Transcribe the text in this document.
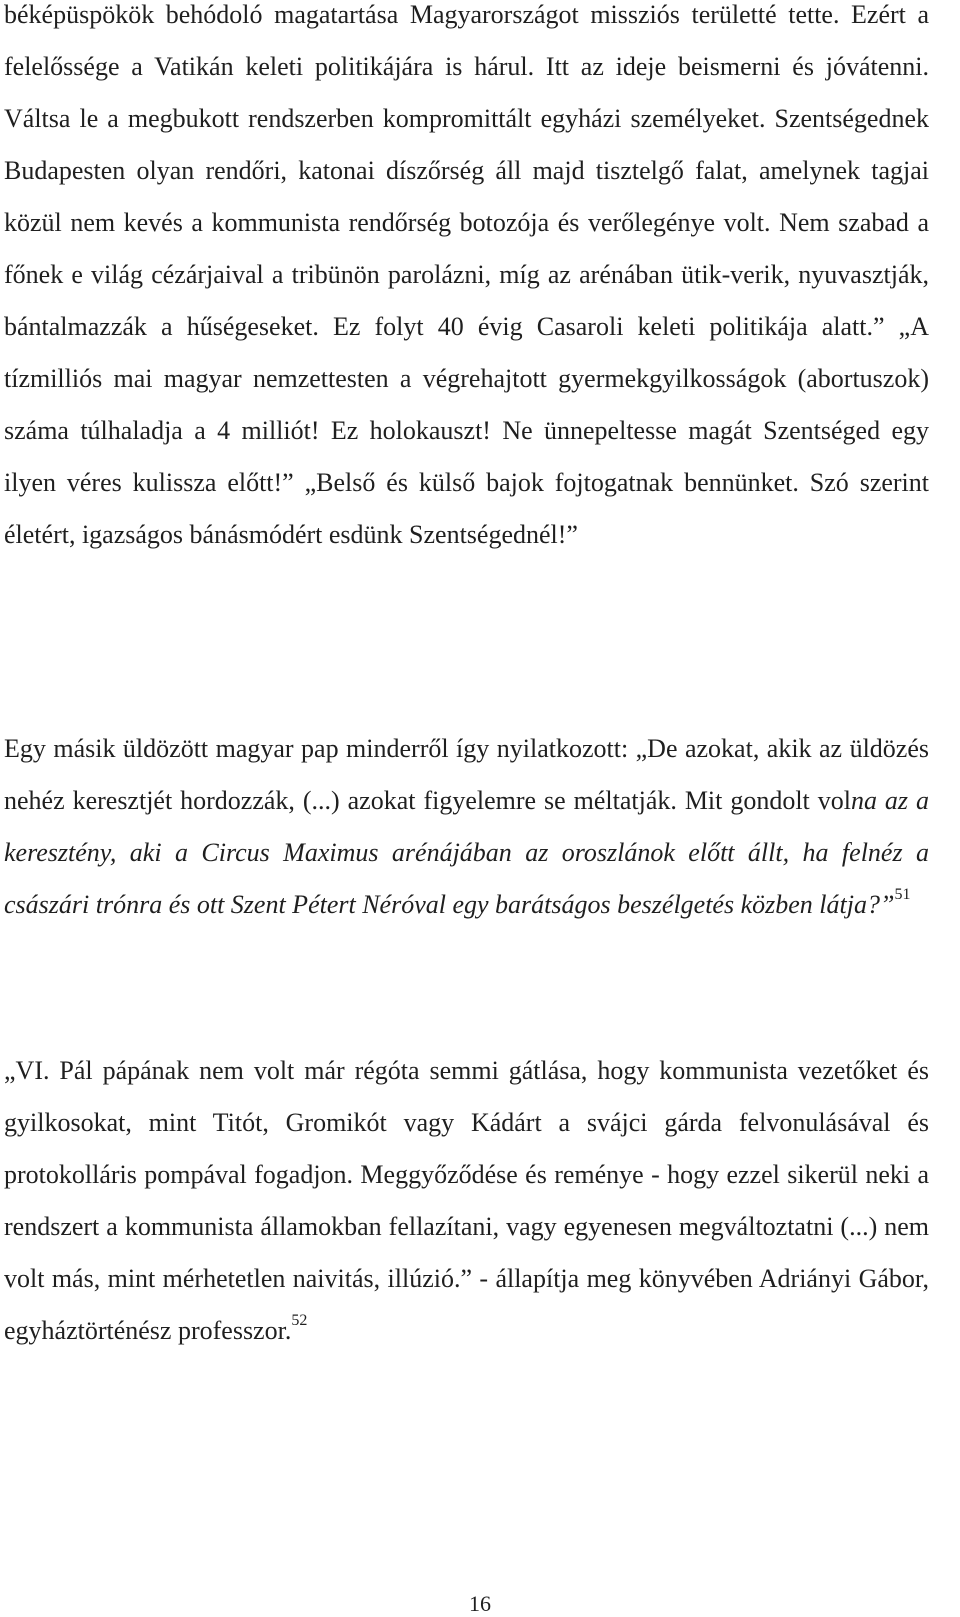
béképüspökök behódoló magatartása Magyarországot missziós területté tette. Ezért a felelőssége a Vatikán keleti politikájára is hárul. Itt az ideje beismerni és jóvátenni. Váltsa le a megbukott rendszerben kompromittált egyházi személyeket. Szentségednek Budapesten olyan rendőri, katonai díszőrség áll majd tisztelgő falat, amelynek tagjai közül nem kevés a kommunista rendőrség botozója és verőlegénye volt. Nem szabad a főnek e világ cézárjaival a tribünön parolázni, míg az arénában ütik-verik, nyuvasztják, bántalmazzák a hűségeseket. Ez folyt 40 évig Casaroli keleti politikája alatt.” „A tízmilliós mai magyar nemzettesten a végrehajtott gyermekgyilkosságok (abortuszok) száma túlhaladja a 4 milliót! Ez holokauszt! Ne ünnepeltesse magát Szentséged egy ilyen véres kulissza előtt!” „Belső és külső bajok fojtogatnak bennünket. Szó szerint életért, igazságos bánásmódért esdünk Szentségednél!”

Egy másik üldözött magyar pap minderről így nyilatkozott: „De azokat, akik az üldözés nehéz keresztjét hordozzák, (...) azokat figyelemre se méltatják. Mit gondolt volna az a keresztény, aki a Circus Maximus arénájában az oroszlánok előtt állt, ha felnéz a császári trónra és ott Szent Pétert Néróval egy barátságos beszélgetés közben látja?”$^{51}$

„VI. Pál pápának nem volt már régóta semmi gátlása, hogy kommunista vezetőket és gyilkosokat, mint Titót, Gromikót vagy Kádárt a svájci gárda felvonulásával és protokolláris pompával fogadjon. Meggyőződése és reménye - hogy ezzel sikerül neki a rendszert a kommunista államokban fellazítani, vagy egyenesen megváltoztatni (...) nem volt más, mint mérhetetlen naivitás, illúzió.” - állapítja meg könyvében Adriányi Gábor, egyháztörténész professzor.$^{52}$

16
